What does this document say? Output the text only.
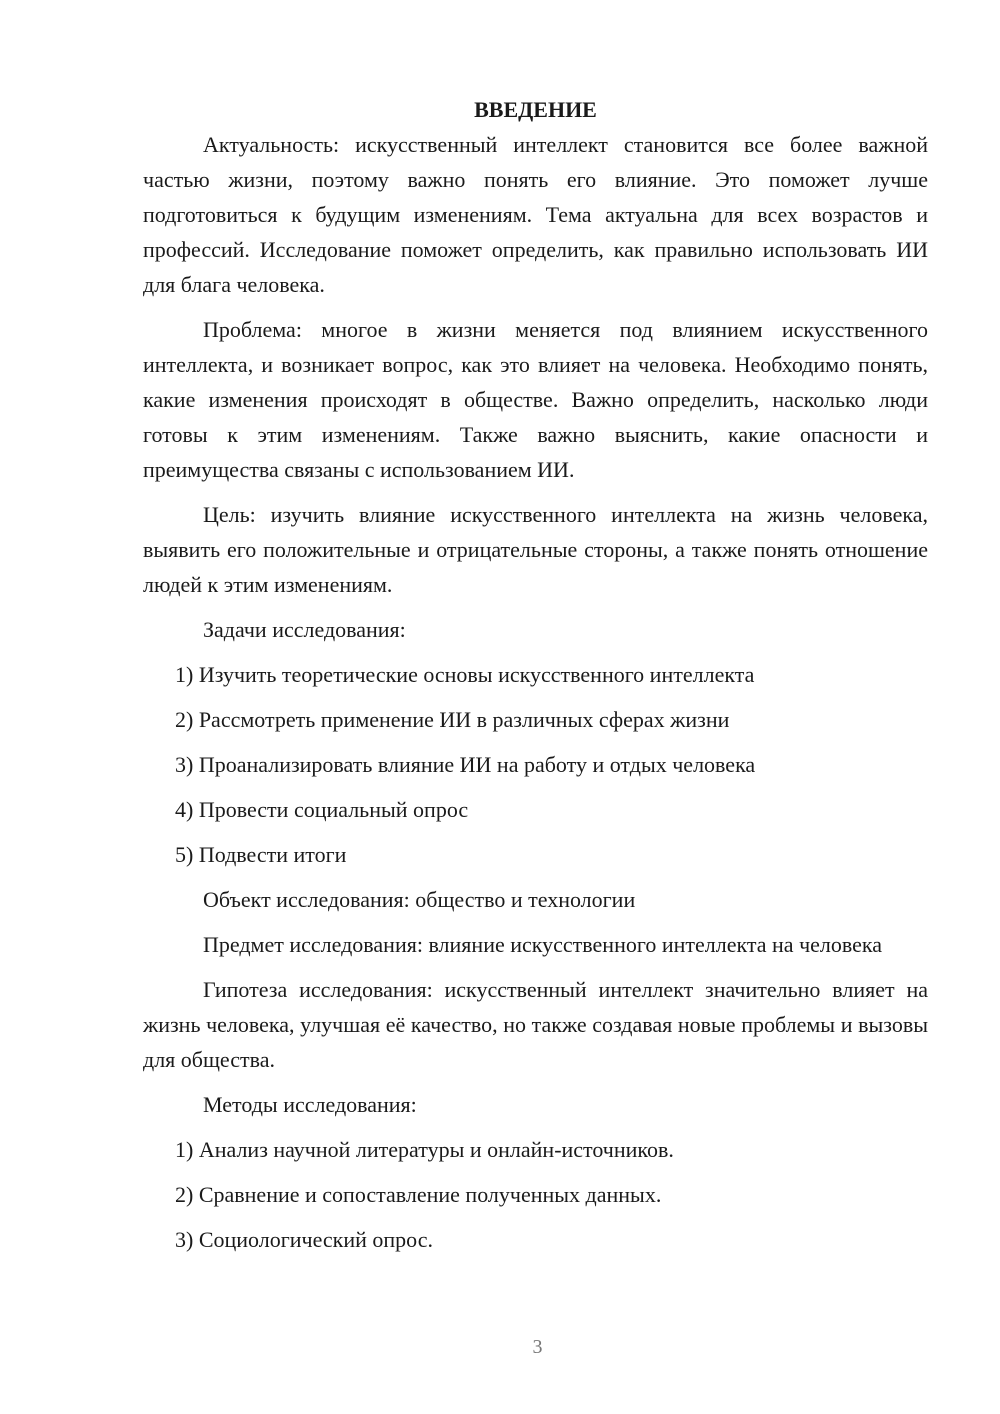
ВВЕДЕНИЕ

Актуальность: искусственный интеллект становится все более важной частью жизни, поэтому важно понять его влияние. Это поможет лучше подготовиться к будущим изменениям. Тема актуальна для всех возрастов и профессий. Исследование поможет определить, как правильно использовать ИИ для блага человека.

Проблема: многое в жизни меняется под влиянием искусственного интеллекта, и возникает вопрос, как это влияет на человека. Необходимо понять, какие изменения происходят в обществе. Важно определить, насколько люди готовы к этим изменениям. Также важно выяснить, какие опасности и преимущества связаны с использованием ИИ.

Цель: изучить влияние искусственного интеллекта на жизнь человека, выявить его положительные и отрицательные стороны, а также понять отношение людей к этим изменениям.

Задачи исследования:

1) Изучить теоретические основы искусственного интеллекта

2) Рассмотреть применение ИИ в различных сферах жизни

3) Проанализировать влияние ИИ на работу и отдых человека

4) Провести социальный опрос

5) Подвести итоги

Объект исследования: общество и технологии

Предмет исследования: влияние искусственного интеллекта на человека

Гипотеза исследования: искусственный интеллект значительно влияет на жизнь человека, улучшая её качество, но также создавая новые проблемы и вызовы для общества.

Методы исследования:

1) Анализ научной литературы и онлайн-источников.

2) Сравнение и сопоставление полученных данных.

3) Социологический опрос.

3
